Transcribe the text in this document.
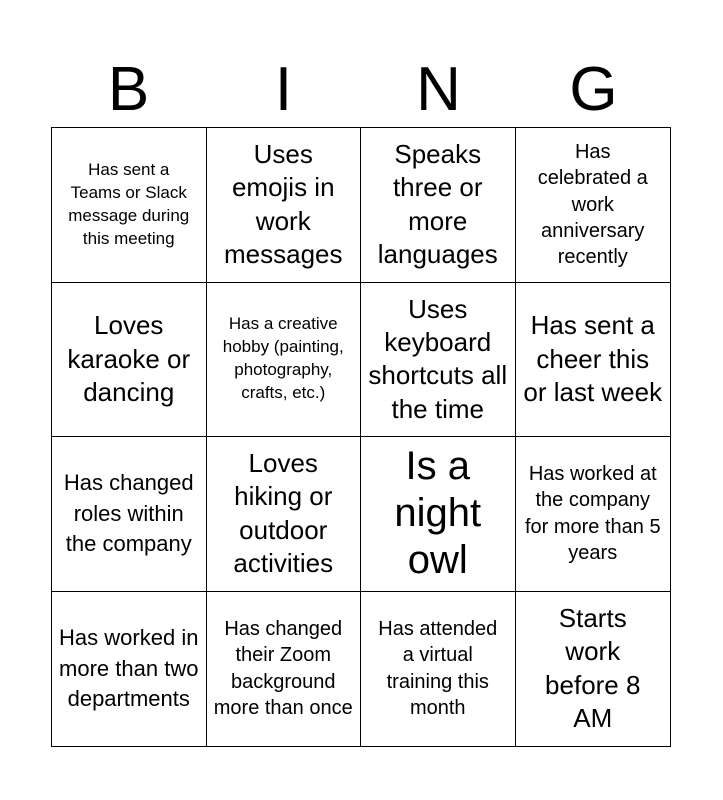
B	I	N	G
Has sent a Teams or Slack message during this meeting
Uses emojis in work messages
Speaks three or more languages
Has celebrated a work anniversary recently
Loves karaoke or dancing
Has a creative hobby (painting, photography, crafts, etc.)
Uses keyboard shortcuts all the time
Has sent a cheer this or last week
Has changed roles within the company
Loves hiking or outdoor activities
Is a night owl
Has worked at the company for more than 5 years
Has worked in more than two departments
Has changed their Zoom background more than once
Has attended a virtual training this month
Starts work before 8 AM
